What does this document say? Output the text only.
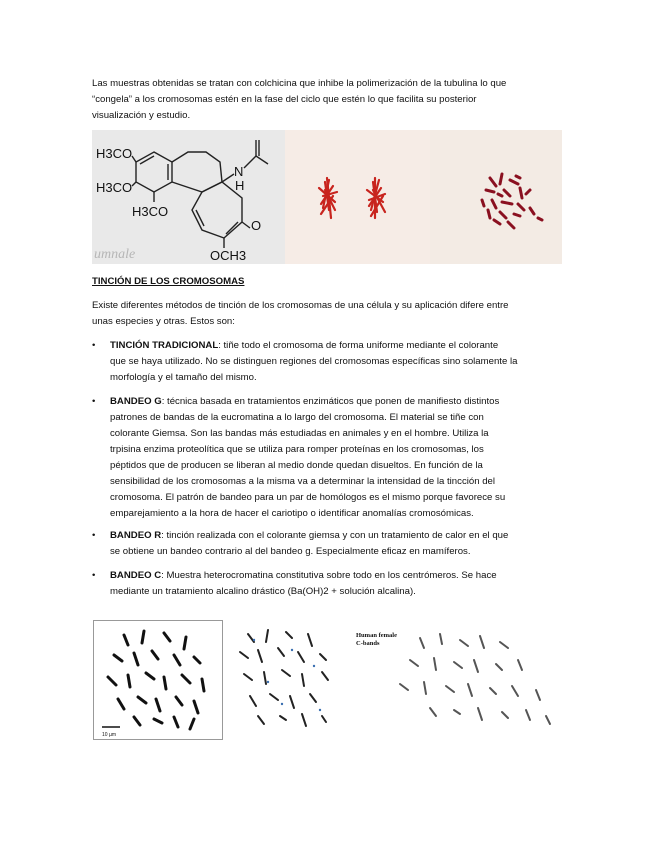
Las muestras obtenidas se tratan con colchicina que inhibe la polimerización de la tubulina lo que
“congela” a los cromosomas estén en la fase del ciclo que estén lo que facilita su posterior
visualización y estudio.
H3CO
H3CO
H3CO
N
H
O
OCH3
umnale
TINCIÓN DE LOS CROMOSOMAS
Existe diferentes métodos de tinción de los cromosomas de una célula y su aplicación difere entre
unas especies y otras. Estos son:
• TINCIÓN TRADICIONAL: tiñe todo el cromosoma de forma uniforme mediante el colorante
que se haya utilizado. No se distinguen regiones del cromosomas específicas sino solamente la
morfología y el tamaño del mismo.
• BANDEO G: técnica basada en tratamientos enzimáticos que ponen de manifiesto distintos
patrones de bandas de la eucromatina a lo largo del cromosoma. El material se tiñe con
colorante Giemsa. Son las bandas más estudiadas en animales y en el hombre. Utiliza la
trpisina enzima proteolítica que se utiliza para romper proteínas en los cromosomas, los
péptidos que de producen se liberan al medio donde quedan disueltos. En función de la
sensibilidad de los cromosomas a la misma va a determinar la intensidad de la tincción del
cromosoma. El patrón de bandeo para un par de homólogos es el mismo porque favorece su
emparejamiento a la hora de hacer el cariotipo o identificar anomalías cromosómicas.
• BANDEO R: tinción realizada con el colorante giemsa y con un tratamiento de calor en el que
se obtiene un bandeo contrario al del bandeo g. Especialmente eficaz en mamíferos.
• BANDEO C: Muestra heterocromatina constitutiva sobre todo en los centrómeros. Se hace
mediante un tratamiento alcalino drástico (Ba(OH)2 + solución alcalina).
10 µm
Human female
C-bands
